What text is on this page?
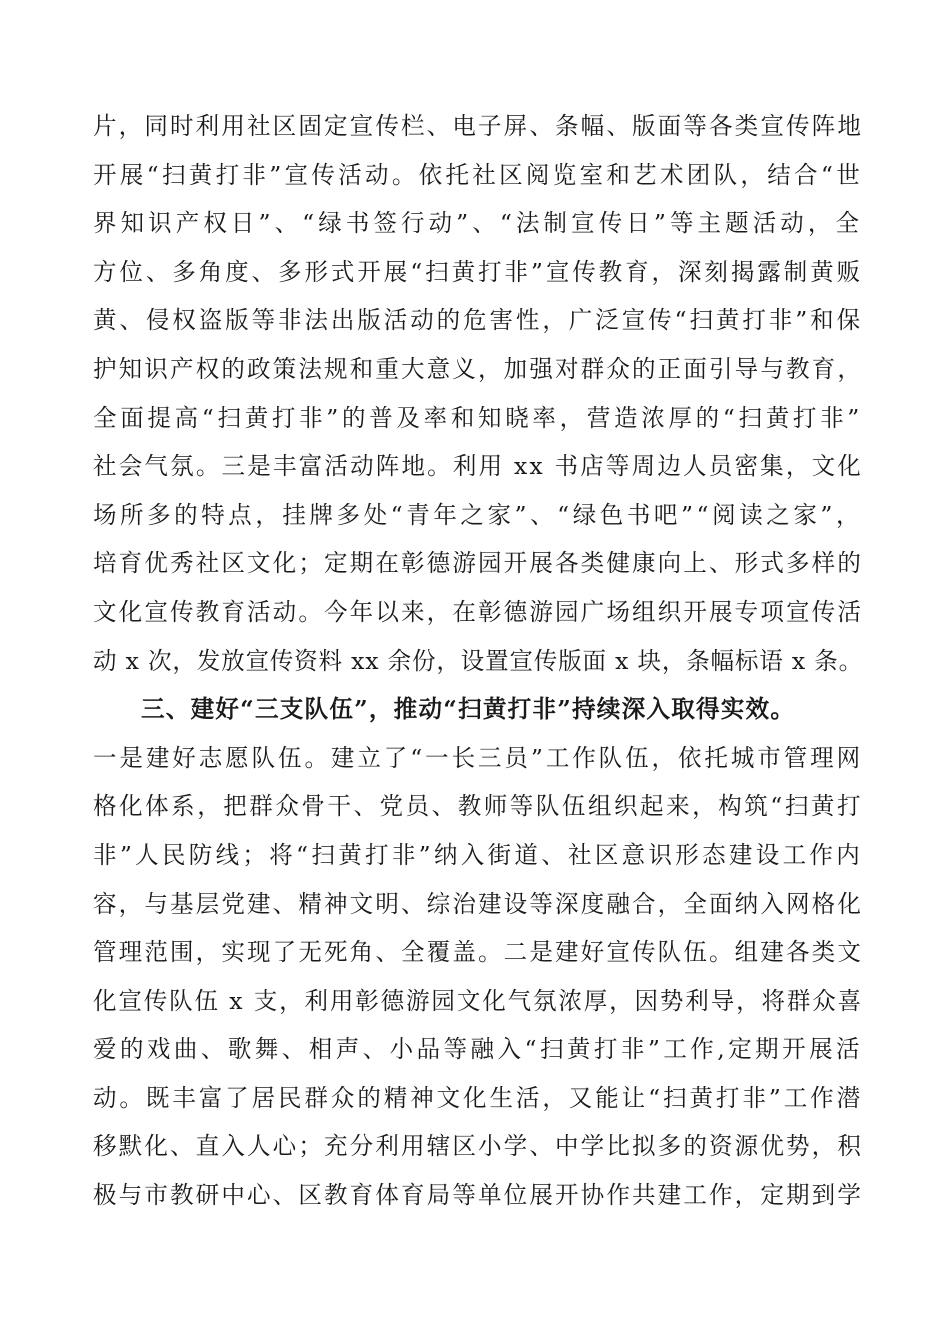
片，同时利用社区固定宣传栏、电子屏、条幅、版面等各类宣传阵地
开展“扫黄打非”宣传活动。依托社区阅览室和艺术团队，结合“世
界知识产权日”、“绿书签行动”、“法制宣传日”等主题活动，全
方位、多角度、多形式开展“扫黄打非”宣传教育，深刻揭露制黄贩
黄、侵权盗版等非法出版活动的危害性，广泛宣传“扫黄打非”和保
护知识产权的政策法规和重大意义，加强对群众的正面引导与教育，
全面提高“扫黄打非”的普及率和知晓率，营造浓厚的“扫黄打非”
社会气氛。三是丰富活动阵地。利用 xx 书店等周边人员密集，文化
场所多的特点，挂牌多处“青年之家”、“绿色书吧”“阅读之家”，
培育优秀社区文化；定期在彰德游园开展各类健康向上、形式多样的
文化宣传教育活动。今年以来，在彰德游园广场组织开展专项宣传活
动 x 次，发放宣传资料 xx 余份，设置宣传版面 x 块，条幅标语 x 条。
三、建好“三支队伍”，推动“扫黄打非”持续深入取得实效。
一是建好志愿队伍。建立了“一长三员”工作队伍，依托城市管理网
格化体系，把群众骨干、党员、教师等队伍组织起来，构筑“扫黄打
非”人民防线；将“扫黄打非”纳入街道、社区意识形态建设工作内
容，与基层党建、精神文明、综治建设等深度融合，全面纳入网格化
管理范围，实现了无死角、全覆盖。二是建好宣传队伍。组建各类文
化宣传队伍 x 支，利用彰德游园文化气氛浓厚，因势利导，将群众喜
爱的戏曲、歌舞、相声、小品等融入“扫黄打非”工作,定期开展活
动。既丰富了居民群众的精神文化生活，又能让“扫黄打非”工作潜
移默化、直入人心；充分利用辖区小学、中学比拟多的资源优势，积
极与市教研中心、区教育体育局等单位展开协作共建工作，定期到学
